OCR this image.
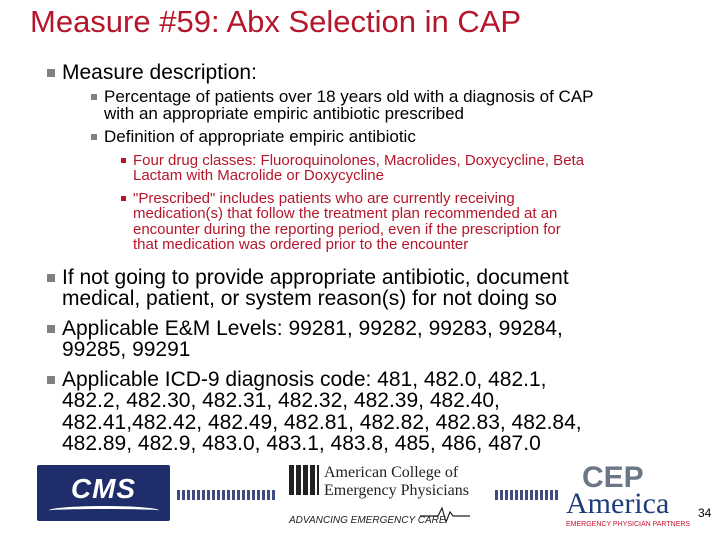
Measure #59: Abx Selection in CAP
Measure description:
Percentage of patients over 18 years old with a diagnosis of CAP
with an appropriate empiric antibiotic prescribed
Definition of appropriate empiric antibiotic
Four drug classes: Fluoroquinolones, Macrolides, Doxycycline, Beta
Lactam with Macrolide or Doxycycline
"Prescribed" includes patients who are currently receiving
medication(s) that follow the treatment plan recommended at an
encounter during the reporting period, even if the prescription for
that medication was ordered prior to the encounter
If not going to provide appropriate antibiotic, document
medical, patient, or system reason(s) for not doing so
Applicable E&M Levels: 99281, 99282, 99283, 99284,
99285, 99291
Applicable ICD-9 diagnosis code: 481, 482.0, 482.1,
482.2, 482.30, 482.31, 482.32, 482.39, 482.40,
482.41,482.42, 482.49, 482.81, 482.82, 482.83, 482.84,
482.89, 482.9, 483.0, 483.1, 483.8, 485, 486, 487.0
CMS
American College of
Emergency Physicians
ADVANCING EMERGENCY CARE
CEP
America
EMERGENCY PHYSICIAN PARTNERS
34
